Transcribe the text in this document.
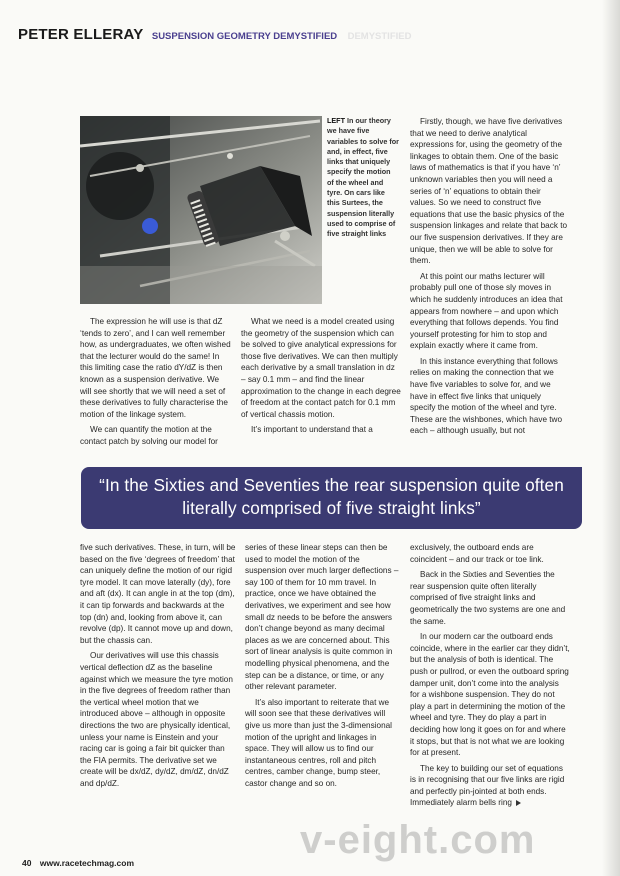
PETER ELLERAY SUSPENSION GEOMETRY DEMYSTIFIED DEMYSTIFIED

LEFT In our theory we have five variables to solve for and, in effect, five links that uniquely specify the motion of the wheel and tyre. On cars like this Surtees, the suspension literally used to comprise of five straight links

The expression he will use is that dZ ‘tends to zero’, and I can well remember how, as undergraduates, we often wished that the lecturer would do the same! In this limiting case the ratio dY/dZ is then known as a suspension derivative. We will see shortly that we will need a set of these derivatives to fully characterise the motion of the linkage system.

We can quantify the motion at the contact patch by solving our model for

What we need is a model created using the geometry of the suspension which can be solved to give analytical expressions for those five derivatives. We can then multiply each derivative by a small translation in dz – say 0.1 mm – and find the linear approximation to the change in each degree of freedom at the contact patch for 0.1 mm of vertical chassis motion.

It’s important to understand that a

Firstly, though, we have five derivatives that we need to derive analytical expressions for, using the geometry of the linkages to obtain them. One of the basic laws of mathematics is that if you have ‘n’ unknown variables then you will need a series of ‘n’ equations to obtain their values. So we need to construct five equations that use the basic physics of the suspension linkages and relate that back to our five suspension derivatives. If they are unique, then we will be able to solve for them.

At this point our maths lecturer will probably pull one of those sly moves in which he suddenly introduces an idea that appears from nowhere – and upon which everything that follows depends. You find yourself protesting for him to stop and explain exactly where it came from.

In this instance everything that follows relies on making the connection that we have five variables to solve for, and we have in effect five links that uniquely specify the motion of the wheel and tyre. These are the wishbones, which have two each – although usually, but not

“In the Sixties and Seventies the rear suspension quite often literally comprised of five straight links”

five such derivatives. These, in turn, will be based on the five ‘degrees of freedom’ that can uniquely define the motion of our rigid tyre model. It can move laterally (dy), fore and aft (dx). It can angle in at the top (dm), it can tip forwards and backwards at the top (dn) and, looking from above it, can revolve (dp). It cannot move up and down, but the chassis can.

Our derivatives will use this chassis vertical deflection dZ as the baseline against which we measure the tyre motion in the five degrees of freedom rather than the vertical wheel motion that we introduced above – although in opposite directions the two are physically identical, unless your name is Einstein and your racing car is going a fair bit quicker than the FIA permits. The derivative set we create will be dx/dZ, dy/dZ, dm/dZ, dn/dZ and dp/dZ.

series of these linear steps can then be used to model the motion of the suspension over much larger deflections – say 100 of them for 10 mm travel. In practice, once we have obtained the derivatives, we experiment and see how small dz needs to be before the answers don’t change beyond as many decimal places as we are concerned about. This sort of linear analysis is quite common in modelling physical phenomena, and the step can be a distance, or time, or any other relevant parameter.

It’s also important to reiterate that we will soon see that these derivatives will give us more than just the 3-dimensional motion of the upright and linkages in space. They will allow us to find our instantaneous centres, roll and pitch centres, camber change, bump steer, castor change and so on.

exclusively, the outboard ends are coincident – and our track or toe link.

Back in the Sixties and Seventies the rear suspension quite often literally comprised of five straight links and geometrically the two systems are one and the same.

In our modern car the outboard ends coincide, where in the earlier car they didn’t, but the analysis of both is identical. The push or pullrod, or even the outboard spring damper unit, don’t come into the analysis for a wishbone suspension. They do not play a part in determining the motion of the wheel and tyre. They do play a part in deciding how long it goes on for and where it stops, but that is not what we are looking for at present.

The key to building our set of equations is in recognising that our five links are rigid and perfectly pin-jointed at both ends. Immediately alarm bells ring

v-eight.com
40 www.racetechmag.com
